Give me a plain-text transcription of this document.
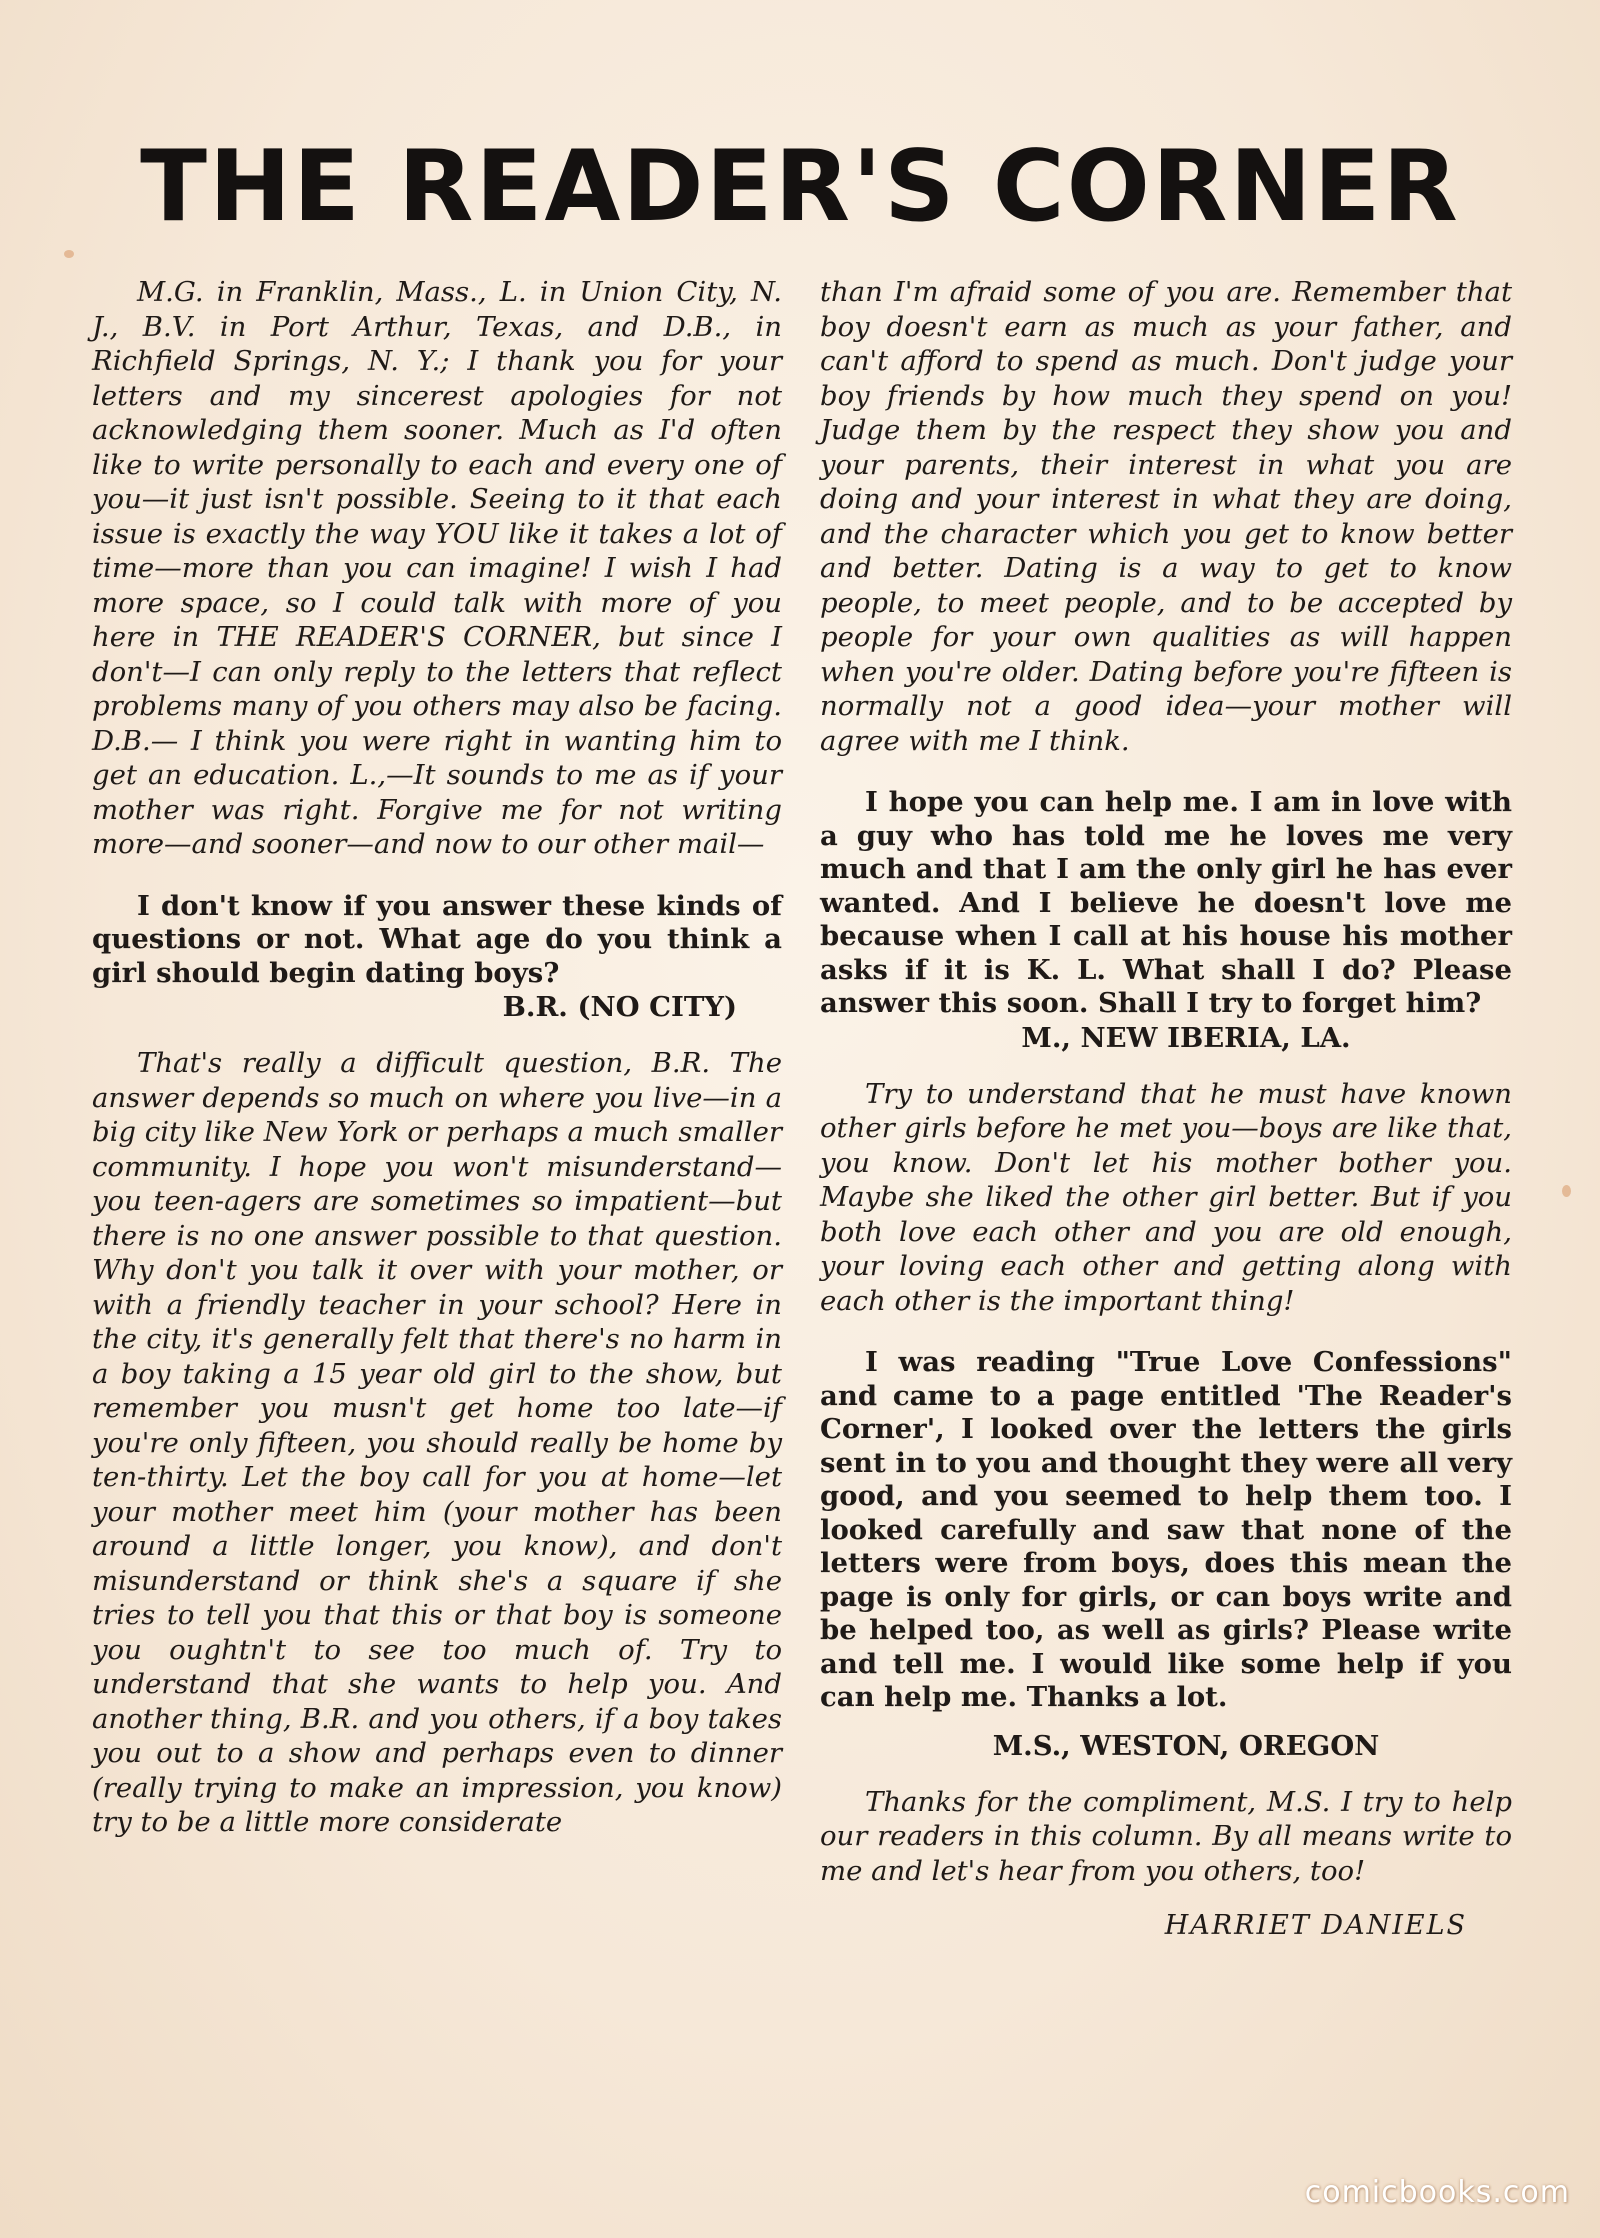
THE READER'S CORNER

M.G. in Franklin, Mass., L. in Union City, N. J., B.V. in Port Arthur, Texas, and D.B., in Richfield Springs, N. Y.; I thank you for your letters and my sincerest apologies for not acknowledging them sooner. Much as I'd often like to write personally to each and every one of you—it just isn't possible. Seeing to it that each issue is exactly the way YOU like it takes a lot of time—more than you can imagine! I wish I had more space, so I could talk with more of you here in THE READER'S CORNER, but since I don't—I can only reply to the letters that reflect problems many of you others may also be facing. D.B.— I think you were right in wanting him to get an education. L.,—It sounds to me as if your mother was right. Forgive me for not writing more—and sooner—and now to our other mail—

I don't know if you answer these kinds of questions or not. What age do you think a girl should begin dating boys?

B.R. (NO CITY)

That's really a difficult question, B.R. The answer depends so much on where you live—in a big city like New York or perhaps a much smaller community. I hope you won't misunderstand—you teen-agers are sometimes so impatient—but there is no one answer possible to that question. Why don't you talk it over with your mother, or with a friendly teacher in your school? Here in the city, it's generally felt that there's no harm in a boy taking a 15 year old girl to the show, but remember you musn't get home too late—if you're only fifteen, you should really be home by ten-thirty. Let the boy call for you at home—let your mother meet him (your mother has been around a little longer, you know), and don't misunderstand or think she's a square if she tries to tell you that this or that boy is someone you oughtn't to see too much of. Try to understand that she wants to help you. And another thing, B.R. and you others, if a boy takes you out to a show and perhaps even to dinner (really trying to make an impression, you know) try to be a little more considerate

than I'm afraid some of you are. Remember that boy doesn't earn as much as your father, and can't afford to spend as much. Don't judge your boy friends by how much they spend on you! Judge them by the respect they show you and your parents, their interest in what you are doing and your interest in what they are doing, and the character which you get to know better and better. Dating is a way to get to know people, to meet people, and to be accepted by people for your own qualities as will happen when you're older. Dating before you're fifteen is normally not a good idea—your mother will agree with me I think.

I hope you can help me. I am in love with a guy who has told me he loves me very much and that I am the only girl he has ever wanted. And I believe he doesn't love me because when I call at his house his mother asks if it is K. L. What shall I do? Please answer this soon. Shall I try to forget him?

M., NEW IBERIA, LA.

Try to understand that he must have known other girls before he met you—boys are like that, you know. Don't let his mother bother you. Maybe she liked the other girl better. But if you both love each other and you are old enough, your loving each other and getting along with each other is the important thing!

I was reading "True Love Confessions" and came to a page entitled 'The Reader's Corner', I looked over the letters the girls sent in to you and thought they were all very good, and you seemed to help them too. I looked carefully and saw that none of the letters were from boys, does this mean the page is only for girls, or can boys write and be helped too, as well as girls? Please write and tell me. I would like some help if you can help me. Thanks a lot.

M.S., WESTON, OREGON

Thanks for the compliment, M.S. I try to help our readers in this column. By all means write to me and let's hear from you others, too!

HARRIET DANIELS
comicbooks.com
